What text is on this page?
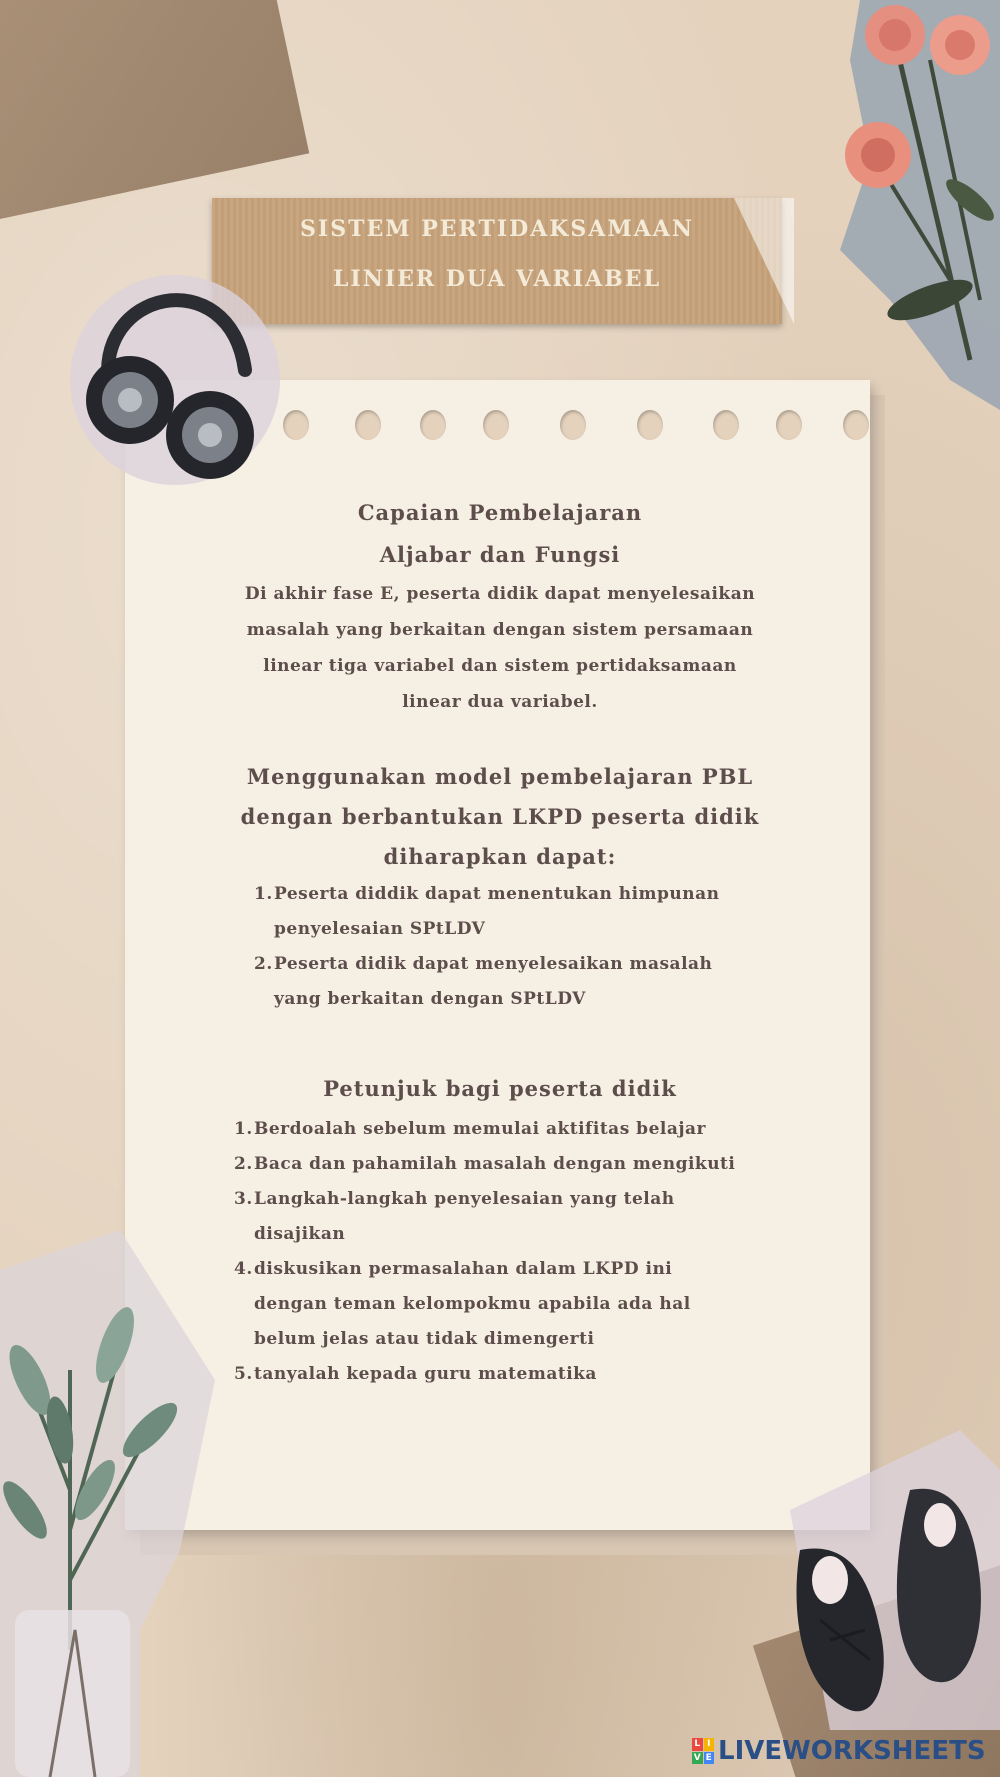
SISTEM PERTIDAKSAMAAN
LINIER DUA VARIABEL
Capaian Pembelajaran
Aljabar dan Fungsi
Di akhir fase E, peserta didik dapat menyelesaikan
masalah yang berkaitan dengan sistem persamaan
linear tiga variabel dan sistem pertidaksamaan
linear dua variabel.
Menggunakan model pembelajaran PBL
dengan berbantukan LKPD peserta didik
diharapkan dapat:
1. Peserta diddik dapat menentukan himpunan
penyelesaian SPtLDV
2. Peserta didik dapat menyelesaikan masalah
yang berkaitan dengan SPtLDV
Petunjuk bagi peserta didik
1. Berdoalah sebelum memulai aktifitas belajar
2. Baca dan pahamilah masalah dengan mengikuti
3. Langkah-langkah penyelesaian yang telah
disajikan
4. diskusikan permasalahan dalam LKPD ini
dengan teman kelompokmu apabila ada hal
belum jelas atau tidak dimengerti
5. tanyalah kepada guru matematika
L I
V E LIVEWORKSHEETS
